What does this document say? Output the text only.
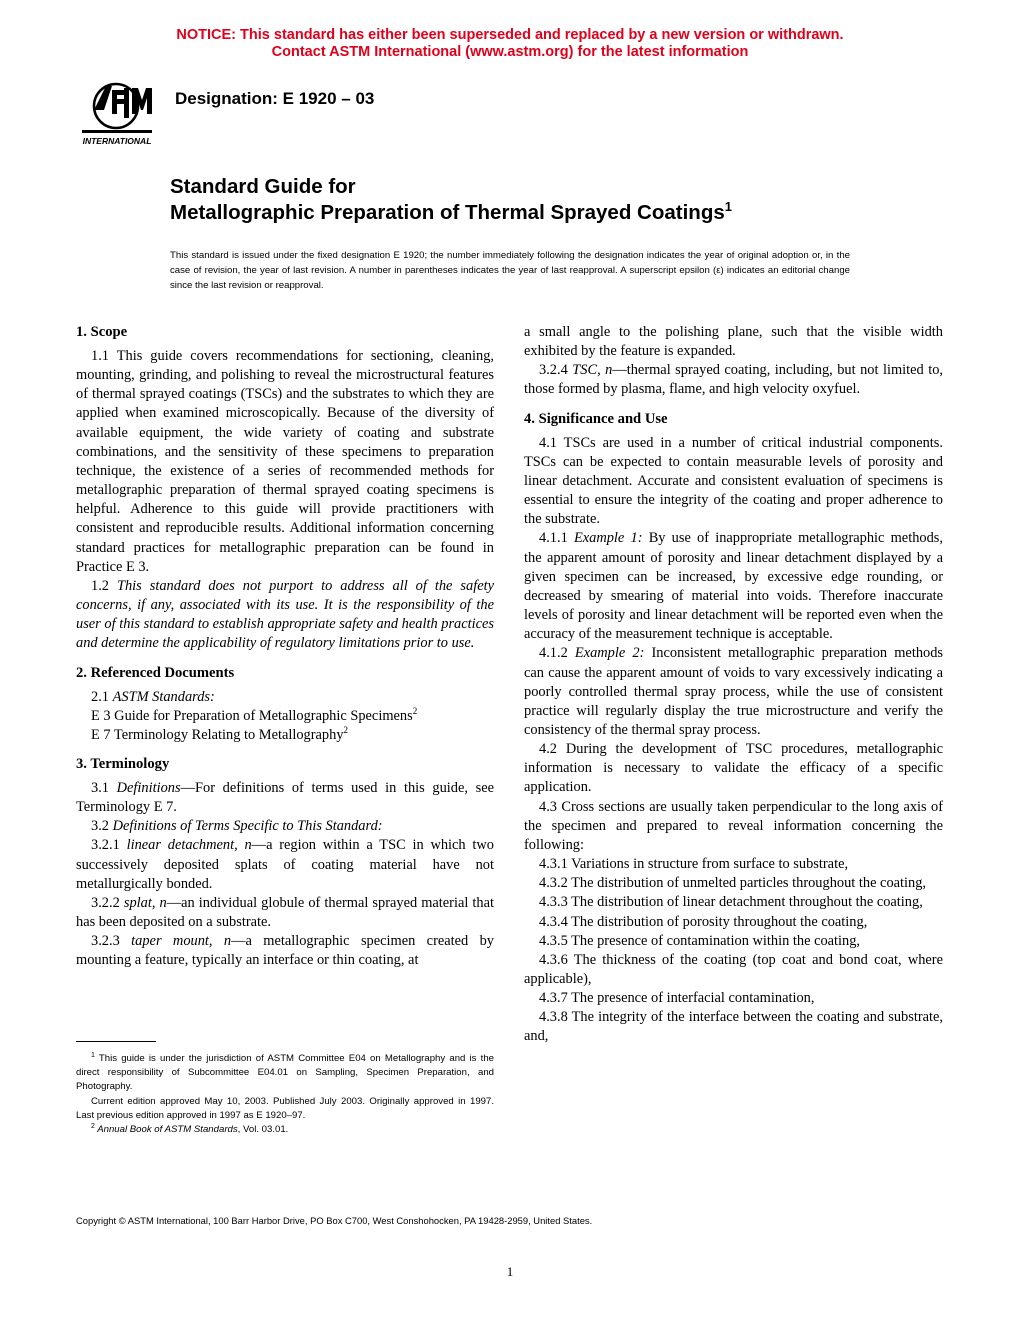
NOTICE: This standard has either been superseded and replaced by a new version or withdrawn.
Contact ASTM International (www.astm.org) for the latest information
INTERNATIONAL
Designation: E 1920 – 03
Standard Guide for
Metallographic Preparation of Thermal Sprayed Coatings$^1$
This standard is issued under the fixed designation E 1920; the number immediately following the designation indicates the year of original adoption or, in the case of revision, the year of last revision. A number in parentheses indicates the year of last reapproval. A superscript epsilon (ε) indicates an editorial change since the last revision or reapproval.
1. Scope

1.1 This guide covers recommendations for sectioning, cleaning, mounting, grinding, and polishing to reveal the microstructural features of thermal sprayed coatings (TSCs) and the substrates to which they are applied when examined microscopically. Because of the diversity of available equipment, the wide variety of coating and substrate combinations, and the sensitivity of these specimens to preparation technique, the existence of a series of recommended methods for metallographic preparation of thermal sprayed coating specimens is helpful. Adherence to this guide will provide practitioners with consistent and reproducible results. Additional information concerning standard practices for metallographic preparation can be found in Practice E 3.

1.2 This standard does not purport to address all of the safety concerns, if any, associated with its use. It is the responsibility of the user of this standard to establish appropriate safety and health practices and determine the applicability of regulatory limitations prior to use.

2. Referenced Documents

2.1 ASTM Standards:

E 3 Guide for Preparation of Metallographic Specimens$^2$

E 7 Terminology Relating to Metallography$^2$

3. Terminology

3.1 Definitions—For definitions of terms used in this guide, see Terminology E 7.

3.2 Definitions of Terms Specific to This Standard:

3.2.1 linear detachment, n—a region within a TSC in which two successively deposited splats of coating material have not metallurgically bonded.

3.2.2 splat, n—an individual globule of thermal sprayed material that has been deposited on a substrate.

3.2.3 taper mount, n—a metallographic specimen created by mounting a feature, typically an interface or thin coating, at

a small angle to the polishing plane, such that the visible width exhibited by the feature is expanded.

3.2.4 TSC, n—thermal sprayed coating, including, but not limited to, those formed by plasma, flame, and high velocity oxyfuel.

4. Significance and Use

4.1 TSCs are used in a number of critical industrial components. TSCs can be expected to contain measurable levels of porosity and linear detachment. Accurate and consistent evaluation of specimens is essential to ensure the integrity of the coating and proper adherence to the substrate.

4.1.1 Example 1: By use of inappropriate metallographic methods, the apparent amount of porosity and linear detachment displayed by a given specimen can be increased, by excessive edge rounding, or decreased by smearing of material into voids. Therefore inaccurate levels of porosity and linear detachment will be reported even when the accuracy of the measurement technique is acceptable.

4.1.2 Example 2: Inconsistent metallographic preparation methods can cause the apparent amount of voids to vary excessively indicating a poorly controlled thermal spray process, while the use of consistent practice will regularly display the true microstructure and verify the consistency of the thermal spray process.

4.2 During the development of TSC procedures, metallographic information is necessary to validate the efficacy of a specific application.

4.3 Cross sections are usually taken perpendicular to the long axis of the specimen and prepared to reveal information concerning the following:

4.3.1 Variations in structure from surface to substrate,

4.3.2 The distribution of unmelted particles throughout the coating,

4.3.3 The distribution of linear detachment throughout the coating,

4.3.4 The distribution of porosity throughout the coating,

4.3.5 The presence of contamination within the coating,

4.3.6 The thickness of the coating (top coat and bond coat, where applicable),

4.3.7 The presence of interfacial contamination,

4.3.8 The integrity of the interface between the coating and substrate, and,

$^1$ This guide is under the jurisdiction of ASTM Committee E04 on Metallography and is the direct responsibility of Subcommittee E04.01 on Sampling, Specimen Preparation, and Photography.

Current edition approved May 10, 2003. Published July 2003. Originally approved in 1997. Last previous edition approved in 1997 as E 1920–97.

$^2$ Annual Book of ASTM Standards, Vol. 03.01.

Copyright © ASTM International, 100 Barr Harbor Drive, PO Box C700, West Conshohocken, PA 19428-2959, United States.
1
